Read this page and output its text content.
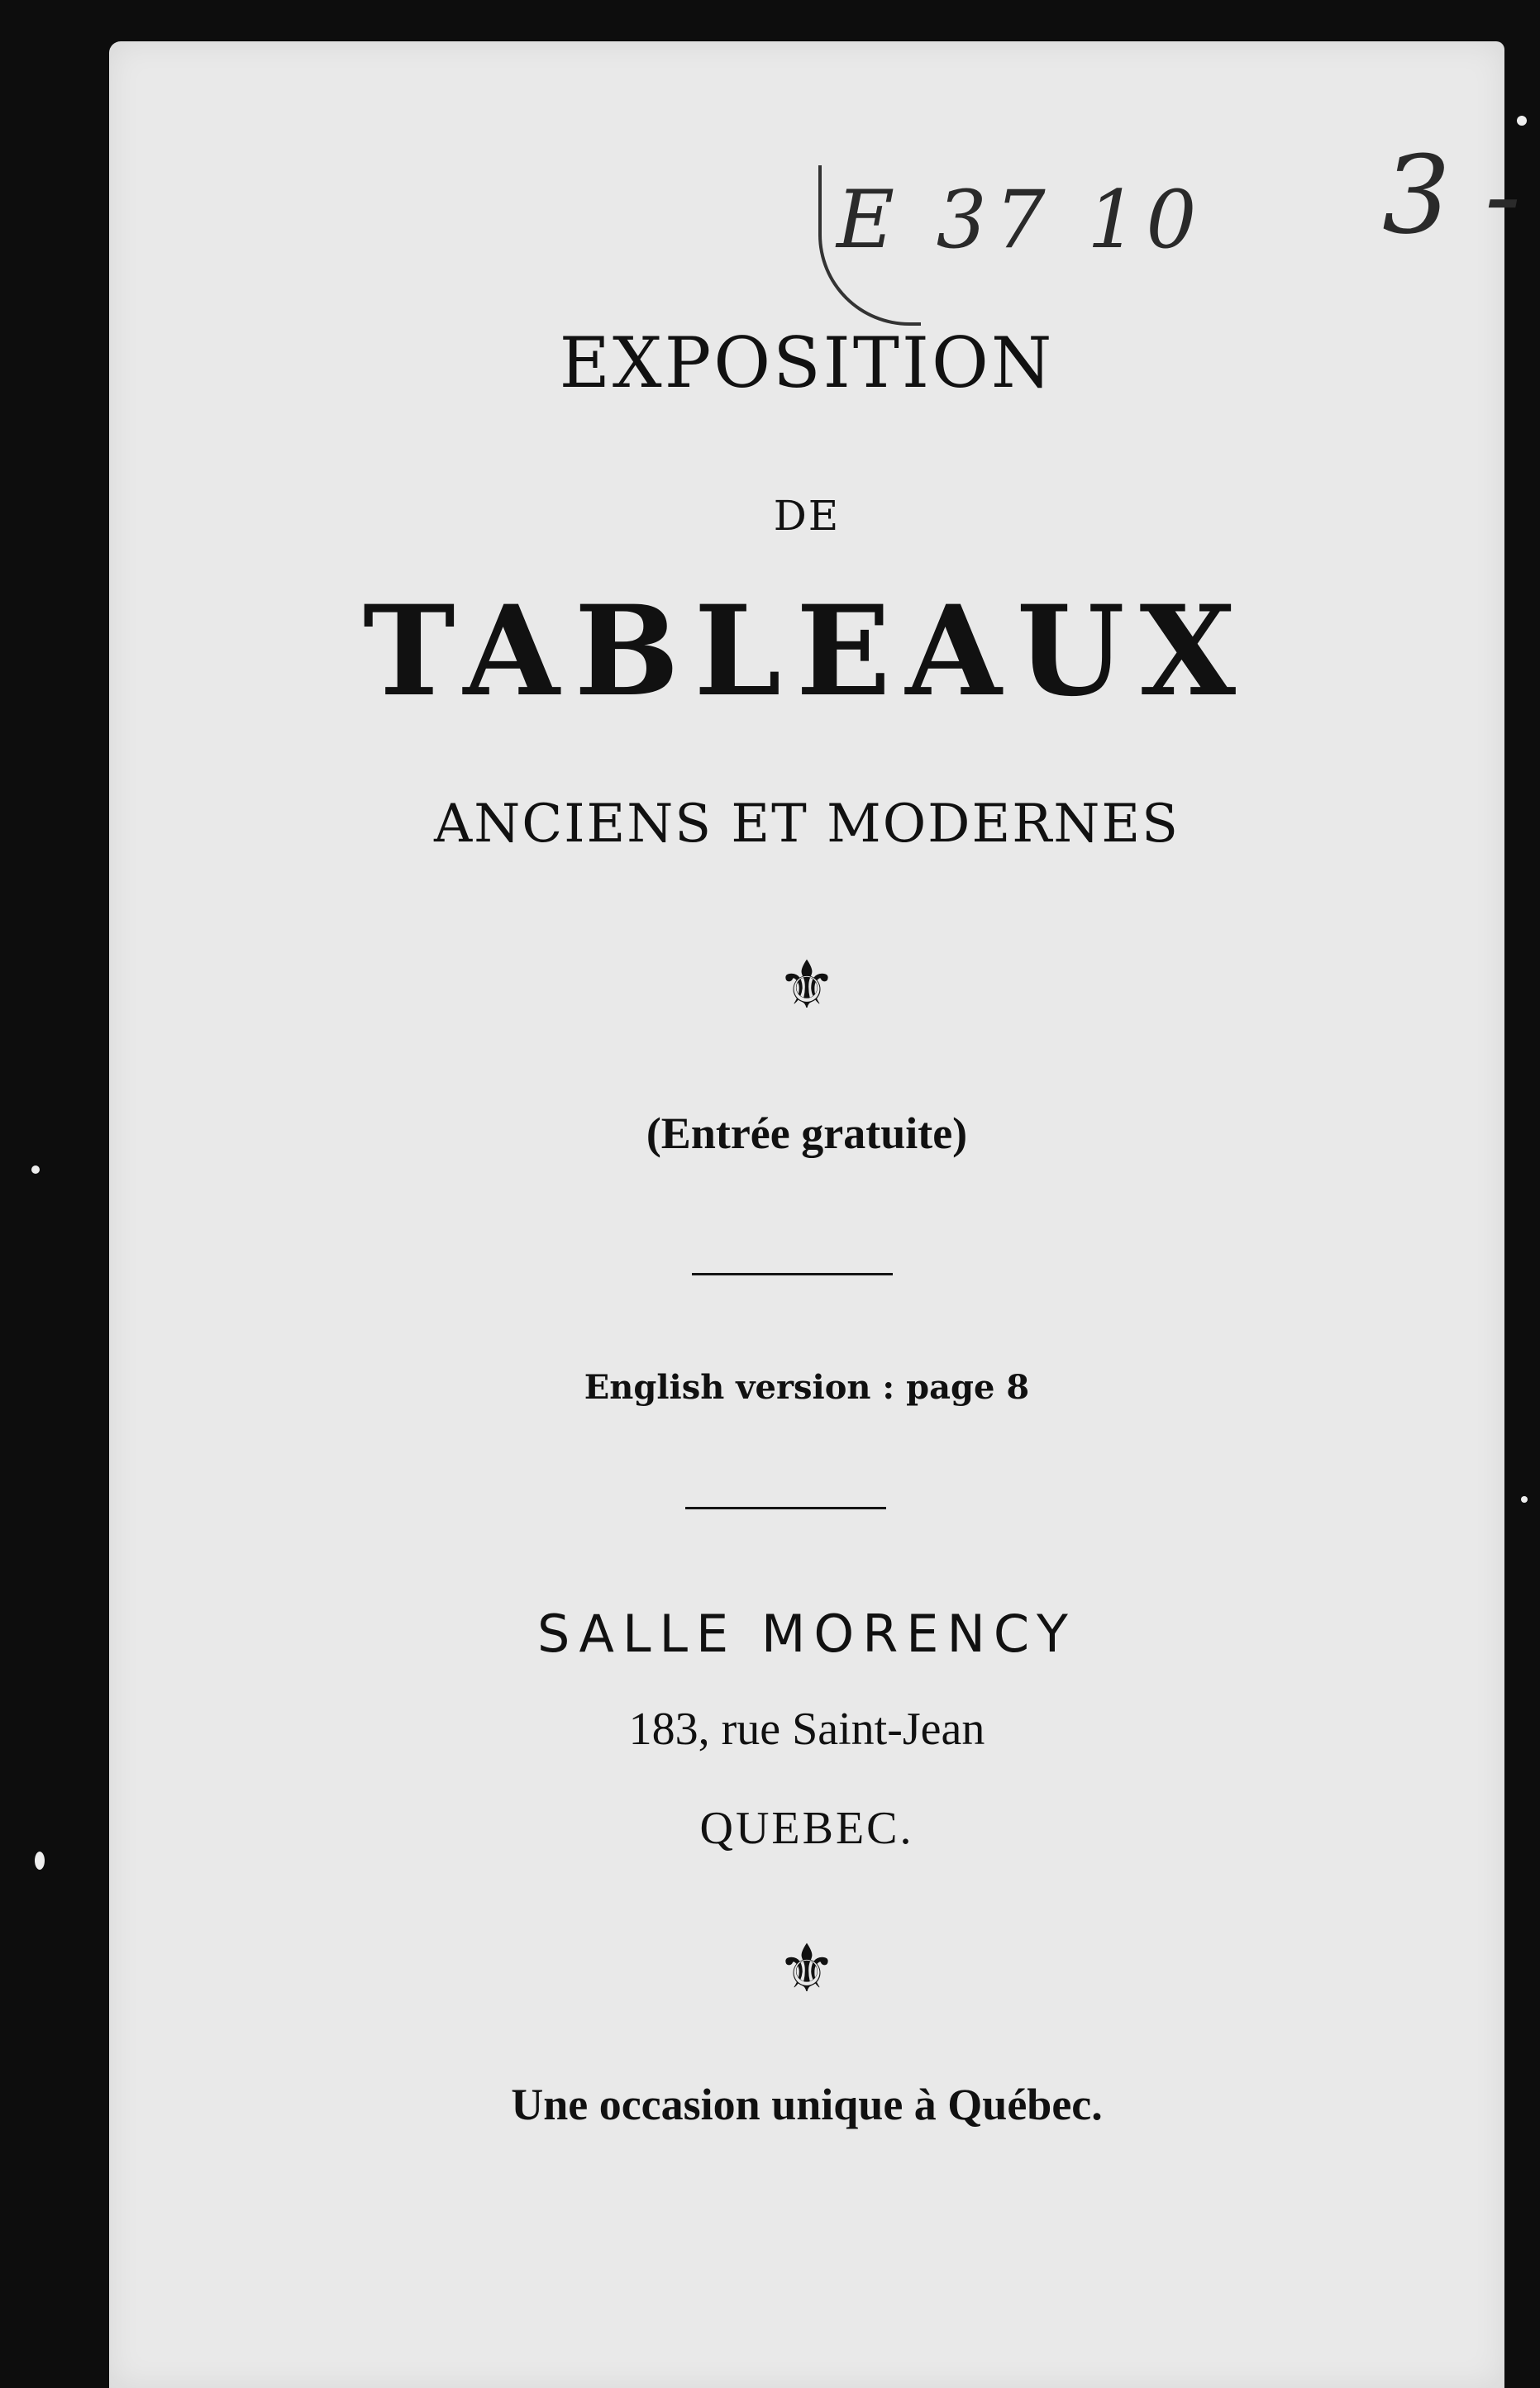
E 37 10 3 -
EXPOSITION
DE
TABLEAUX
ANCIENS ET MODERNES
⚜
(Entrée gratuite)
English version : page 8
SALLE MORENCY
183, rue Saint-Jean
QUEBEC.
⚜
Une occasion unique à Québec.
